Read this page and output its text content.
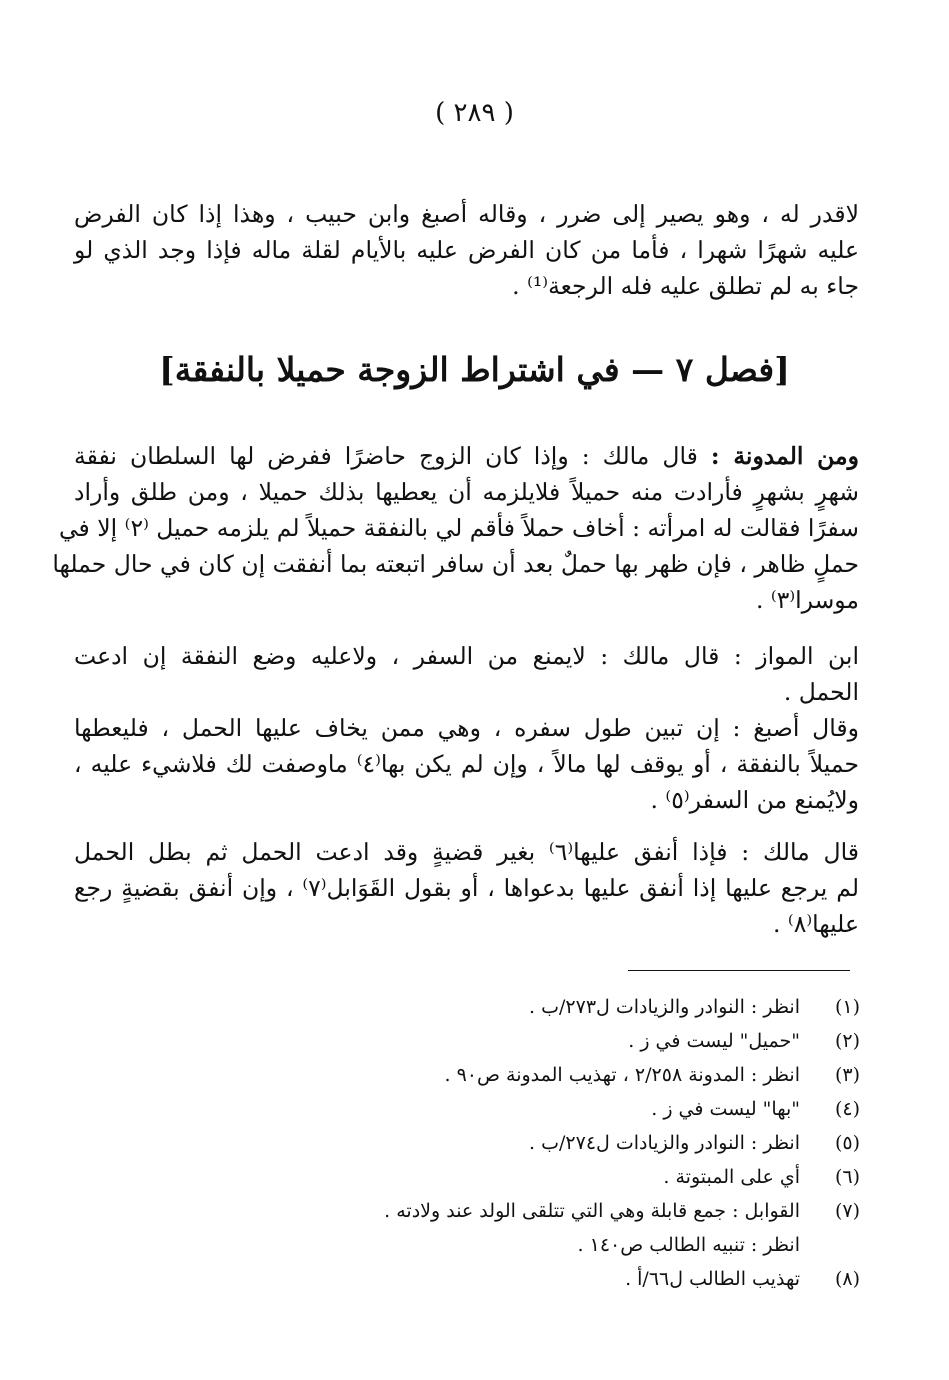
( ٢٨٩ )
لاقدر له ، وهو يصير إلى ضرر ، وقاله أصبغ وابن حبيب ، وهذا إذا كان الفرض
عليه شهرًا شهرا ، فأما من كان الفرض عليه بالأيام لقلة ماله فإذا وجد الذي لو
جاء به لم تطلق عليه فله الرجعة⁽¹⁾ .
[فصل ٧ — في اشتراط الزوجة حميلا بالنفقة]
ومن المدونة : قال مالك : وإذا كان الزوج حاضرًا ففرض لها السلطان نفقة
شهرٍ بشهرٍ فأرادت منه حميلاً فلايلزمه أن يعطيها بذلك حميلا ، ومن طلق وأراد
سفرًا فقالت له امرأته : أخاف حملاً فأقم لي بالنفقة حميلاً لم يلزمه حميل ⁽٢⁾ إلا في
حملٍ ظاهر ، فإن ظهر بها حملٌ بعد أن سافر اتبعته بما أنفقت إن كان في حال حملها
موسرا⁽٣⁾ .
ابن المواز : قال مالك : لايمنع من السفر ، ولاعليه وضع النفقة إن ادعت
الحمل .
وقال أصبغ : إن تبين طول سفره ، وهي ممن يخاف عليها الحمل ، فليعطها
حميلاً بالنفقة ، أو يوقف لها مالاً ، وإن لم يكن بها⁽٤⁾ ماوصفت لك فلاشيء عليه ،
ولايُمنع من السفر⁽٥⁾ .
قال مالك : فإذا أنفق عليها⁽٦⁾ بغير قضيةٍ وقد ادعت الحمل ثم بطل الحمل
لم يرجع عليها إذا أنفق عليها بدعواها ، أو بقول القَوَابل⁽٧⁾ ، وإن أنفق بقضيةٍ رجع
عليها⁽٨⁾ .
(١)
انظر : النوادر والزيادات ل٢٧٣/ب .
(٢)
"حميل" ليست في ز .
(٣)
انظر : المدونة ٢/٢٥٨ ، تهذيب المدونة ص٩٠ .
(٤)
"بها" ليست في ز .
(٥)
انظر : النوادر والزيادات ل٢٧٤/ب .
(٦)
أي على المبتوتة .
(٧)
القوابل : جمع قابلة وهي التي تتلقى الولد عند ولادته .
انظر : تنبيه الطالب ص١٤٠ .
(٨)
تهذيب الطالب ل٦٦/أ .
